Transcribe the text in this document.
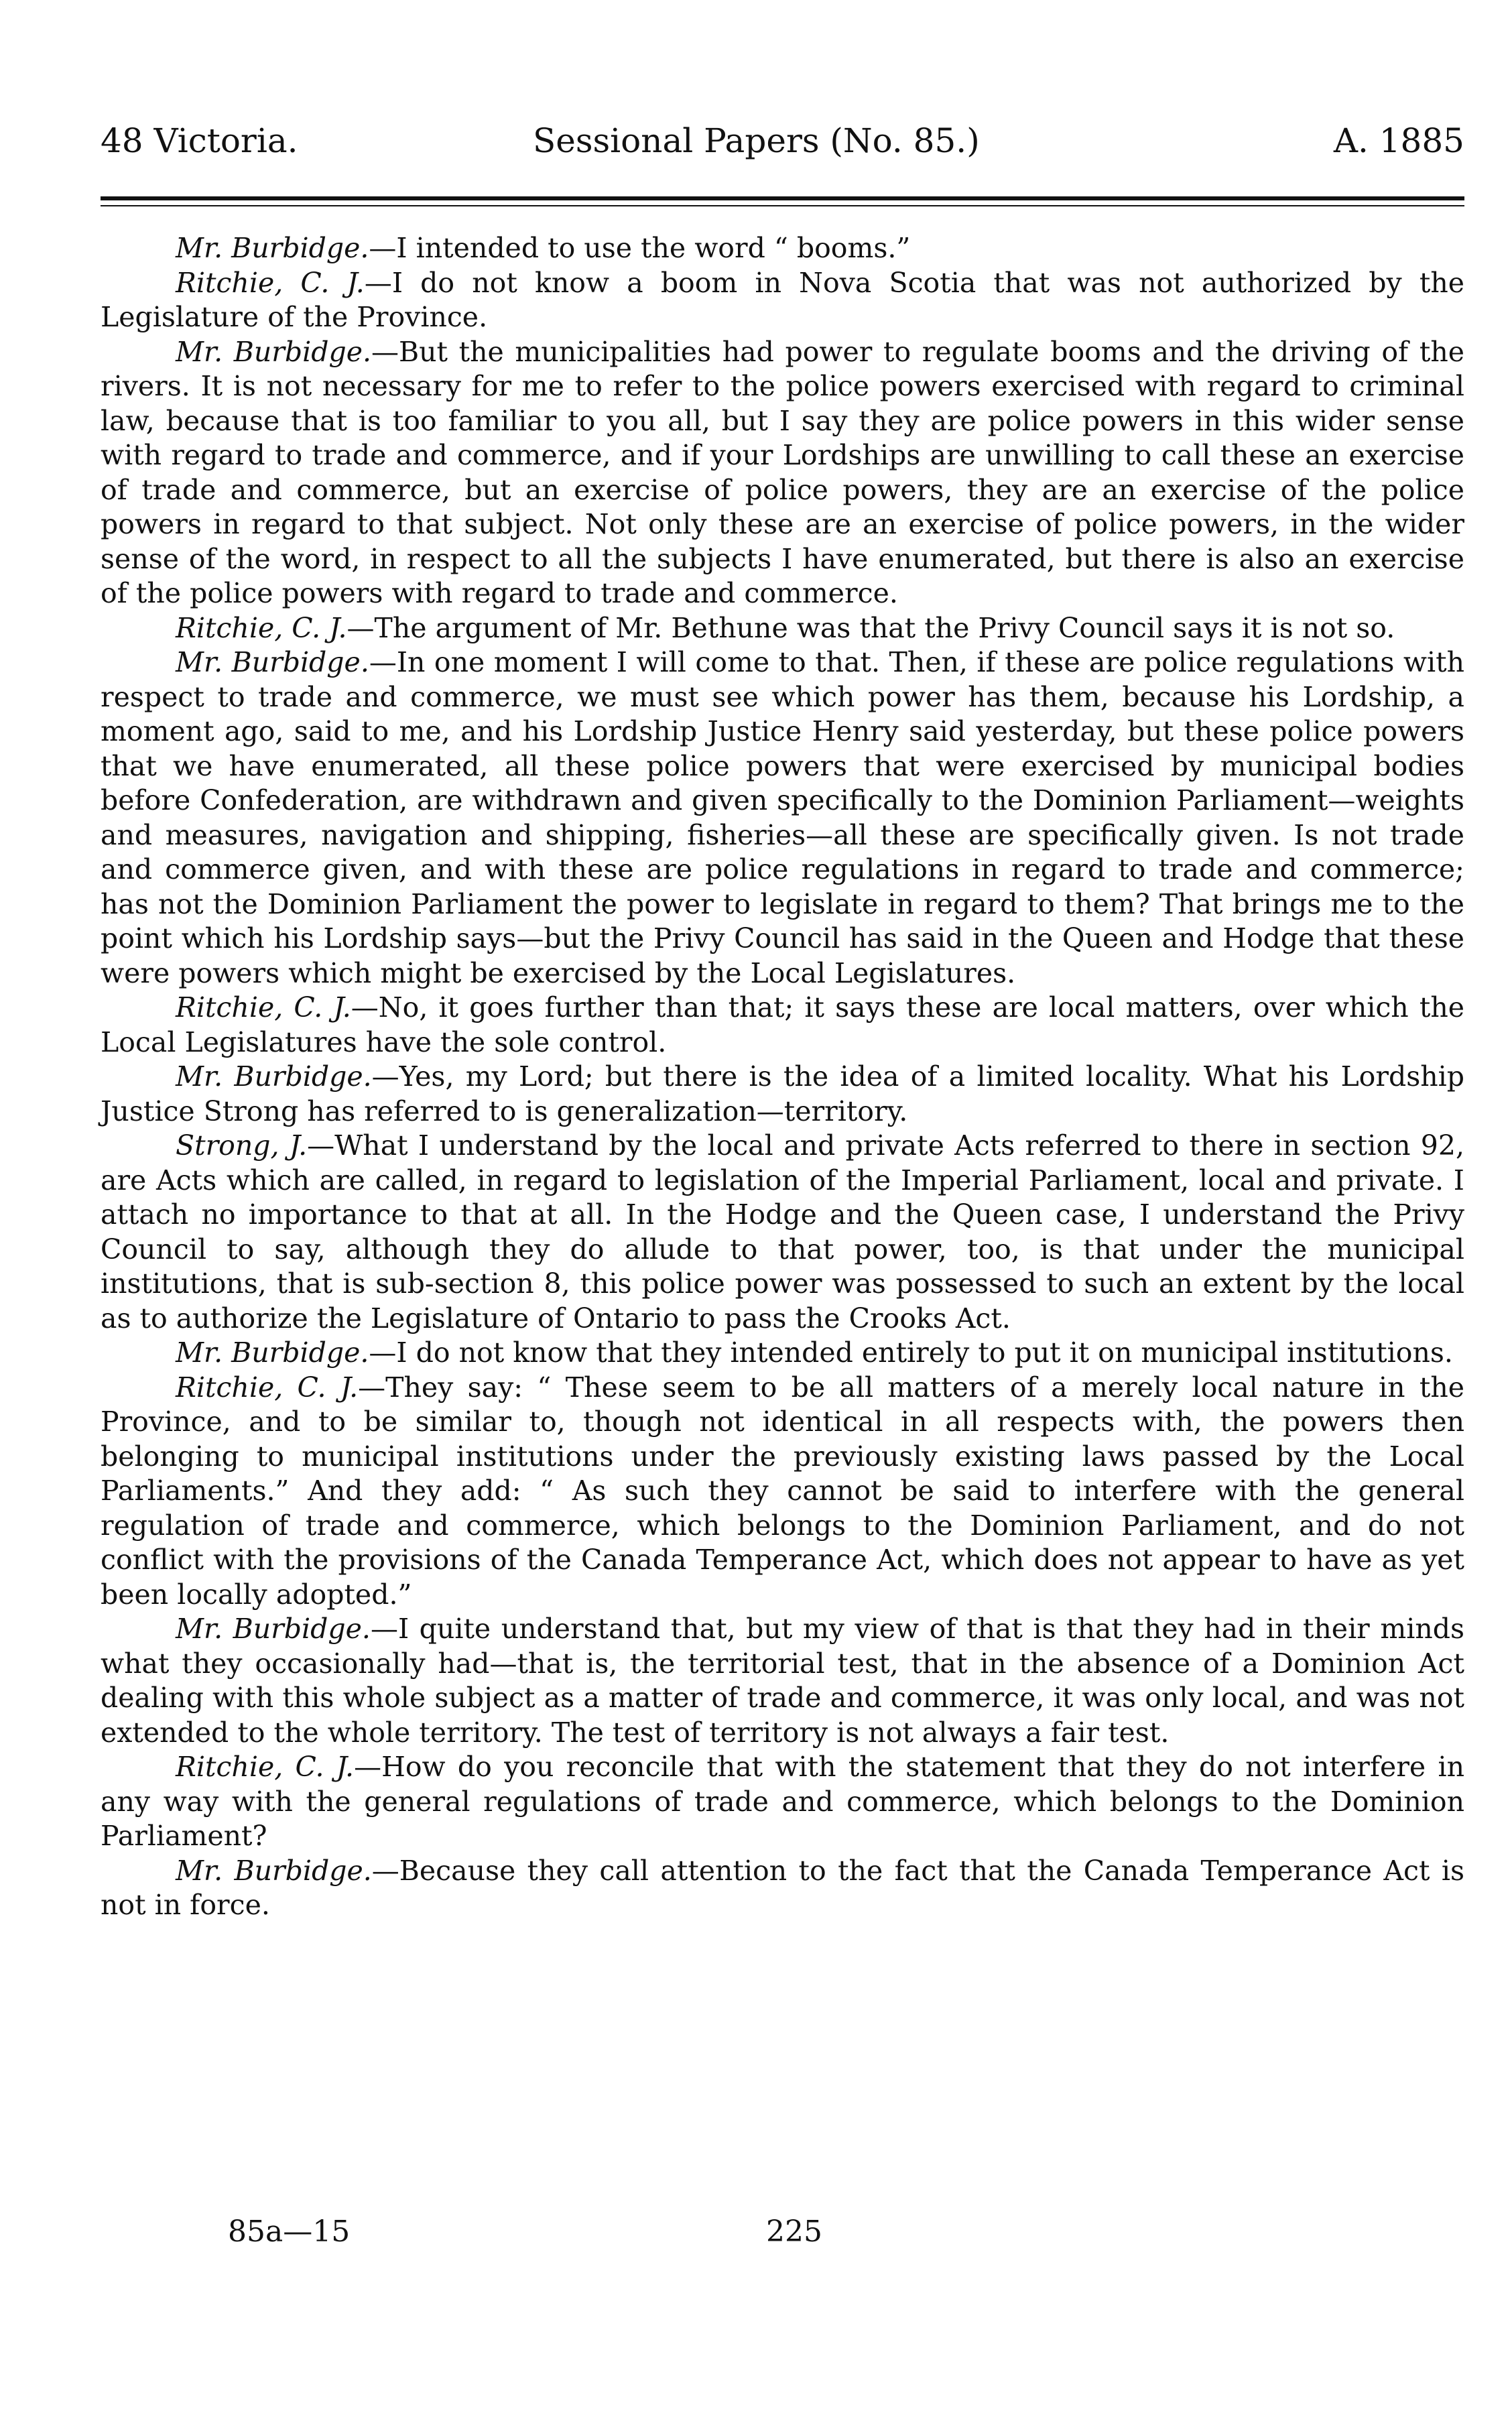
48 Victoria.	Sessional Papers (No. 85.)	A. 1885

Mr. Burbidge.—I intended to use the word “ booms.”

Ritchie, C. J.—I do not know a boom in Nova Scotia that was not authorized by the Legislature of the Province.

Mr. Burbidge.—But the municipalities had power to regulate booms and the driving of the rivers. It is not necessary for me to refer to the police powers exercised with regard to criminal law, because that is too familiar to you all, but I say they are police powers in this wider sense with regard to trade and commerce, and if your Lordships are unwilling to call these an exercise of trade and commerce, but an exercise of police powers, they are an exercise of the police powers in regard to that subject. Not only these are an exercise of police powers, in the wider sense of the word, in respect to all the subjects I have enumerated, but there is also an exercise of the police powers with regard to trade and commerce.

Ritchie, C. J.—The argument of Mr. Bethune was that the Privy Council says it is not so.

Mr. Burbidge.—In one moment I will come to that. Then, if these are police regulations with respect to trade and commerce, we must see which power has them, because his Lordship, a moment ago, said to me, and his Lordship Justice Henry said yesterday, but these police powers that we have enumerated, all these police powers that were exercised by municipal bodies before Confederation, are withdrawn and given specifically to the Dominion Parliament—weights and measures, navigation and shipping, fisheries—all these are specifically given. Is not trade and commerce given, and with these are police regulations in regard to trade and commerce; has not the Dominion Parliament the power to legislate in regard to them? That brings me to the point which his Lordship says—but the Privy Council has said in the Queen and Hodge that these were powers which might be exercised by the Local Legislatures.

Ritchie, C. J.—No, it goes further than that; it says these are local matters, over which the Local Legislatures have the sole control.

Mr. Burbidge.—Yes, my Lord; but there is the idea of a limited locality. What his Lordship Justice Strong has referred to is generalization—territory.

Strong, J.—What I understand by the local and private Acts referred to there in section 92, are Acts which are called, in regard to legislation of the Imperial Parliament, local and private. I attach no importance to that at all. In the Hodge and the Queen case, I understand the Privy Council to say, although they do allude to that power, too, is that under the municipal institutions, that is sub-section 8, this police power was possessed to such an extent by the local as to authorize the Legislature of Ontario to pass the Crooks Act.

Mr. Burbidge.—I do not know that they intended entirely to put it on municipal institutions.

Ritchie, C. J.—They say: “ These seem to be all matters of a merely local nature in the Province, and to be similar to, though not identical in all respects with, the powers then belonging to municipal institutions under the previously existing laws passed by the Local Parliaments.” And they add: “ As such they cannot be said to interfere with the general regulation of trade and commerce, which belongs to the Dominion Parliament, and do not conflict with the provisions of the Canada Temperance Act, which does not appear to have as yet been locally adopted.”

Mr. Burbidge.—I quite understand that, but my view of that is that they had in their minds what they occasionally had—that is, the territorial test, that in the absence of a Dominion Act dealing with this whole subject as a matter of trade and commerce, it was only local, and was not extended to the whole territory. The test of territory is not always a fair test.

Ritchie, C. J.—How do you reconcile that with the statement that they do not interfere in any way with the general regulations of trade and commerce, which belongs to the Dominion Parliament?

Mr. Burbidge.—Because they call attention to the fact that the Canada Temperance Act is not in force.

85a—15	225
